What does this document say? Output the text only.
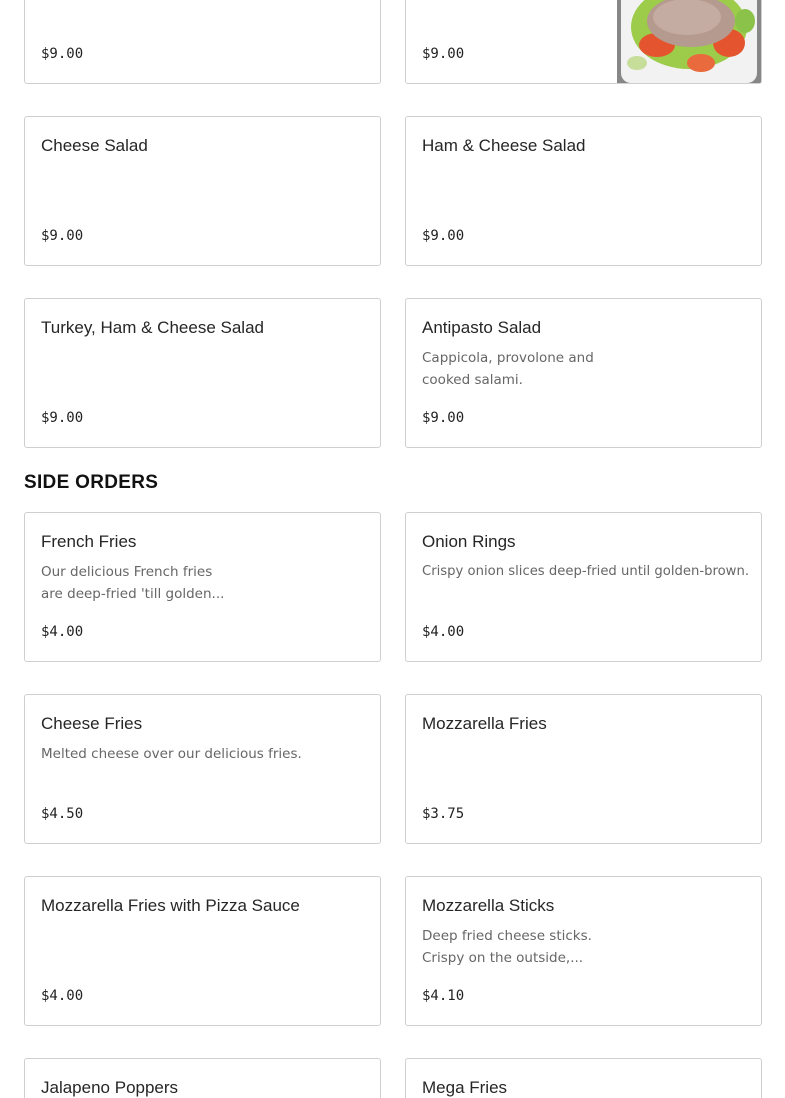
$9.00	$9.00
Cheese Salad
$9.00
Ham & Cheese Salad
$9.00
Turkey, Ham & Cheese Salad
$9.00
Antipasto Salad
Cappicola, provolone and cooked salami.
$9.00
SIDE ORDERS
French Fries
Our delicious French fries are deep-fried 'till golden...
$4.00
Onion Rings
Crispy onion slices deep-fried until golden-brown.
$4.00
Cheese Fries
Melted cheese over our delicious fries.
$4.50
Mozzarella Fries
$3.75
Mozzarella Fries with Pizza Sauce
$4.00
Mozzarella Sticks
Deep fried cheese sticks. Crispy on the outside,...
$4.10
Jalapeno Poppers	Mega Fries
